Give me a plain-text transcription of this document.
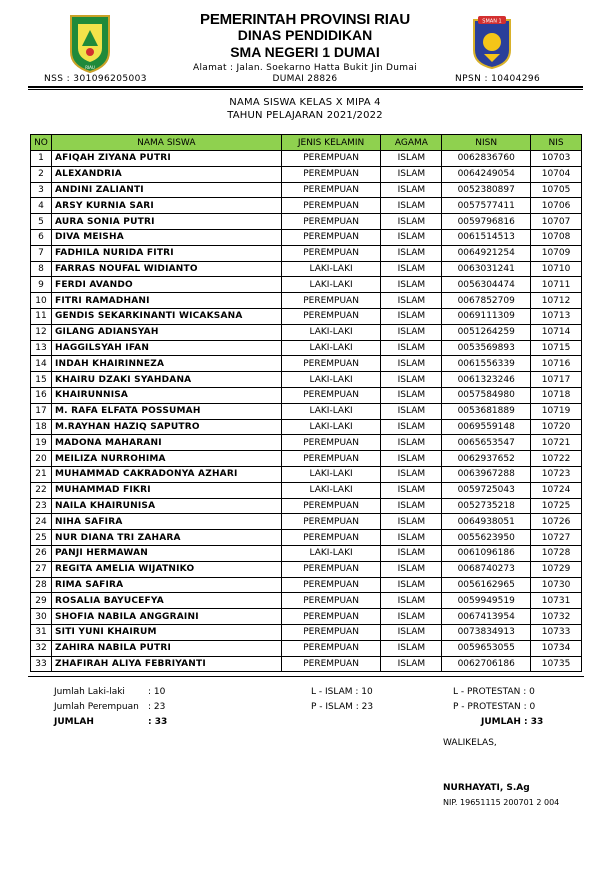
RIAU
PEMERINTAH PROVINSI RIAU
DINAS PENDIDIKAN
SMA NEGERI 1 DUMAI
Alamat : Jalan. Soekarno Hatta Bukit Jin Dumai
DUMAI 28826
NSS : 301096205003	NPSN : 10404296
SMAN 1
NAMA SISWA KELAS X MIPA 4
TAHUN PELAJARAN 2021/2022
NO	NAMA SISWA	JENIS KELAMIN	AGAMA	NISN	NIS
1	AFIQAH ZIYANA PUTRI	PEREMPUAN	ISLAM	0062836760	10703
2	ALEXANDRIA	PEREMPUAN	ISLAM	0064249054	10704
3	ANDINI ZALIANTI	PEREMPUAN	ISLAM	0052380897	10705
4	ARSY KURNIA SARI	PEREMPUAN	ISLAM	0057577411	10706
5	AURA SONIA PUTRI	PEREMPUAN	ISLAM	0059796816	10707
6	DIVA MEISHA	PEREMPUAN	ISLAM	0061514513	10708
7	FADHILA NURIDA FITRI	PEREMPUAN	ISLAM	0064921254	10709
8	FARRAS NOUFAL WIDIANTO	LAKI-LAKI	ISLAM	0063031241	10710
9	FERDI AVANDO	LAKI-LAKI	ISLAM	0056304474	10711
10	FITRI RAMADHANI	PEREMPUAN	ISLAM	0067852709	10712
11	GENDIS SEKARKINANTI WICAKSANA	PEREMPUAN	ISLAM	0069111309	10713
12	GILANG ADIANSYAH	LAKI-LAKI	ISLAM	0051264259	10714
13	HAGGILSYAH IFAN	LAKI-LAKI	ISLAM	0053569893	10715
14	INDAH KHAIRINNEZA	PEREMPUAN	ISLAM	0061556339	10716
15	KHAIRU DZAKI SYAHDANA	LAKI-LAKI	ISLAM	0061323246	10717
16	KHAIRUNNISA	PEREMPUAN	ISLAM	0057584980	10718
17	M. RAFA ELFATA POSSUMAH	LAKI-LAKI	ISLAM	0053681889	10719
18	M.RAYHAN HAZIQ SAPUTRO	LAKI-LAKI	ISLAM	0069559148	10720
19	MADONA MAHARANI	PEREMPUAN	ISLAM	0065653547	10721
20	MEILIZA NURROHIMA	PEREMPUAN	ISLAM	0062937652	10722
21	MUHAMMAD CAKRADONYA AZHARI	LAKI-LAKI	ISLAM	0063967288	10723
22	MUHAMMAD FIKRI	LAKI-LAKI	ISLAM	0059725043	10724
23	NAILA KHAIRUNISA	PEREMPUAN	ISLAM	0052735218	10725
24	NIHA SAFIRA	PEREMPUAN	ISLAM	0064938051	10726
25	NUR DIANA TRI ZAHARA	PEREMPUAN	ISLAM	0055623950	10727
26	PANJI HERMAWAN	LAKI-LAKI	ISLAM	0061096186	10728
27	REGITA AMELIA WIJATNIKO	PEREMPUAN	ISLAM	0068740273	10729
28	RIMA SAFIRA	PEREMPUAN	ISLAM	0056162965	10730
29	ROSALIA BAYUCEFYA	PEREMPUAN	ISLAM	0059949519	10731
30	SHOFIA NABILA ANGGRAINI	PEREMPUAN	ISLAM	0067413954	10732
31	SITI YUNI KHAIRUM	PEREMPUAN	ISLAM	0073834913	10733
32	ZAHIRA NABILA PUTRI	PEREMPUAN	ISLAM	0059653055	10734
33	ZHAFIRAH ALIYA FEBRIYANTI	PEREMPUAN	ISLAM	0062706186	10735
Jumlah Laki-laki	: 10
Jumlah Perempuan : 23
JUMLAH	: 33
L - ISLAM : 10
P - ISLAM : 23
L - PROTESTAN : 0
P - PROTESTAN : 0
JUMLAH : 33
WALIKELAS,
NURHAYATI, S.Ag
NIP. 19651115 200701 2 004
